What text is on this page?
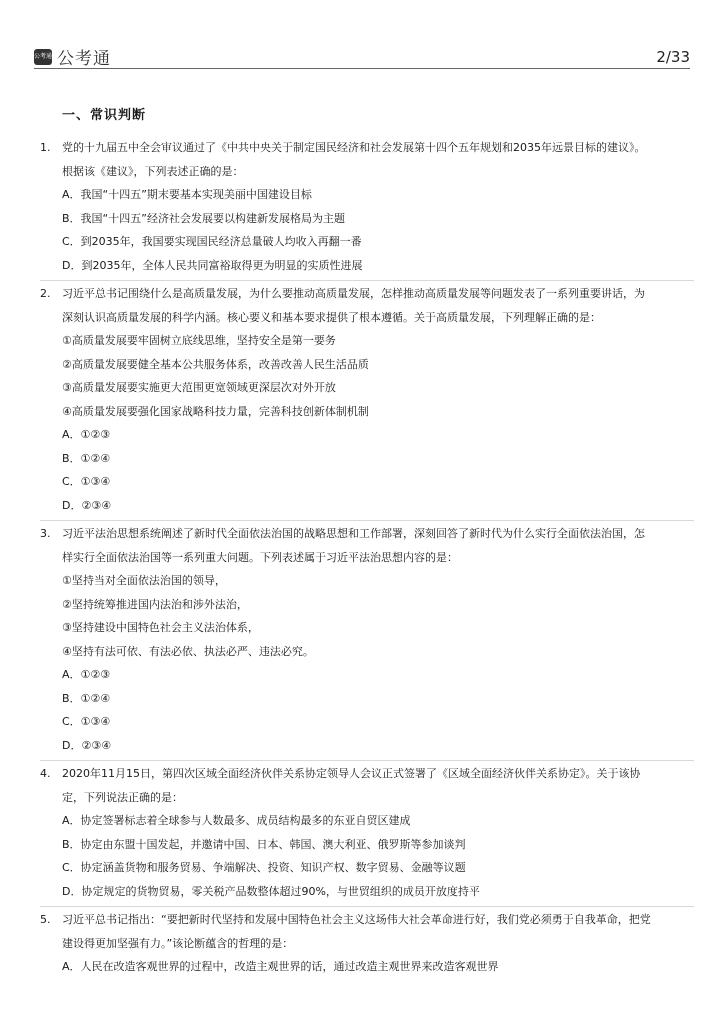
公考通 公考通	2/33
一、常识判断
1. 党的十九届五中全会审议通过了《中共中央关于制定国民经济和社会发展第十四个五年规划和2035年远景目标的建议》。
根据该《建议》，下列表述正确的是：
A．我国“十四五”期末要基本实现美丽中国建设目标
B．我国“十四五”经济社会发展要以构建新发展格局为主题
C．到2035年，我国要实现国民经济总量破人均收入再翻一番
D．到2035年，全体人民共同富裕取得更为明显的实质性进展
2. 习近平总书记围绕什么是高质量发展，为什么要推动高质量发展，怎样推动高质量发展等问题发表了一系列重要讲话，为
深刻认识高质量发展的科学内涵。核心要义和基本要求提供了根本遵循。关于高质量发展，下列理解正确的是：
①高质量发展要牢固树立底线思维，坚持安全是第一要务
②高质量发展要健全基本公共服务体系，改善改善人民生活品质
③高质量发展要实施更大范围更宽领域更深层次对外开放
④高质量发展要强化国家战略科技力量，完善科技创新体制机制
A．①②③
B．①②④
C．①③④
D．②③④
3. 习近平法治思想系统阐述了新时代全面依法治国的战略思想和工作部署，深刻回答了新时代为什么实行全面依法治国，怎
样实行全面依法治国等一系列重大问题。下列表述属于习近平法治思想内容的是：
①坚持当对全面依法治国的领导，
②坚持统筹推进国内法治和涉外法治，
③坚持建设中国特色社会主义法治体系，
④坚持有法可依、有法必依、执法必严、违法必究。
A．①②③
B．①②④
C．①③④
D．②③④
4. 2020年11月15日，第四次区域全面经济伙伴关系协定领导人会议正式签署了《区域全面经济伙伴关系协定》。关于该协
定，下列说法正确的是：
A．协定签署标志着全球参与人数最多、成员结构最多的东亚自贸区建成
B．协定由东盟十国发起，并邀请中国、日本、韩国、澳大利亚、俄罗斯等参加谈判
C．协定涵盖货物和服务贸易、争端解决、投资、知识产权、数字贸易、金融等议题
D．协定规定的货物贸易，零关税产品数整体超过90%，与世贸组织的成员开放度持平
5. 习近平总书记指出：“要把新时代坚持和发展中国特色社会主义这场伟大社会革命进行好，我们党必须勇于自我革命，把党
建设得更加坚强有力。”该论断蕴含的哲理的是：
A．人民在改造客观世界的过程中，改造主观世界的话，通过改造主观世界来改造客观世界
